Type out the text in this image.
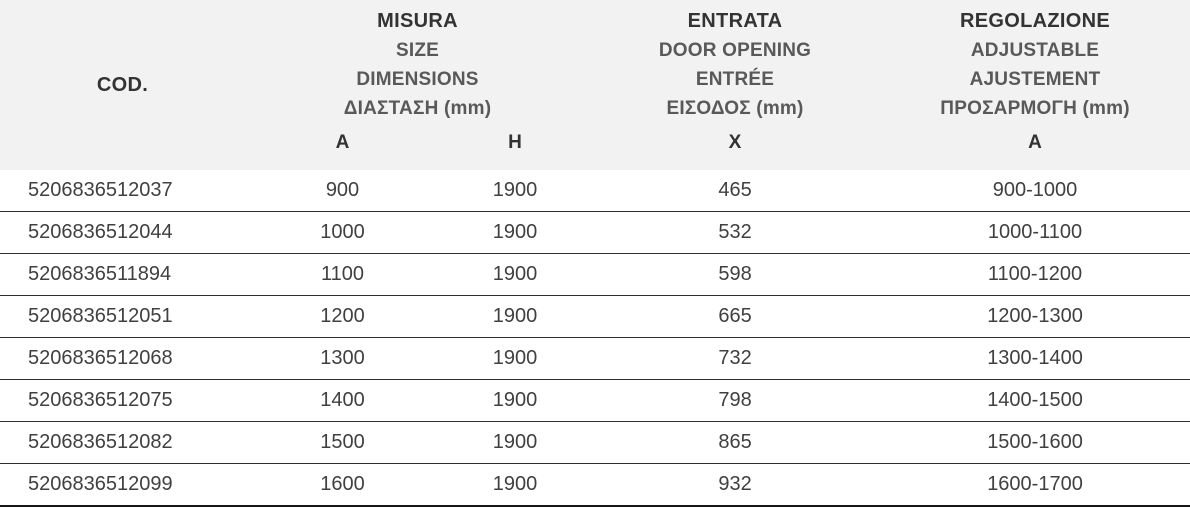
COD.	
MISURA
SIZE
DIMENSIONS
ΔΙΑΣΤΑΣΗ (mm)

ENTRATA
DOOR OPENING
ENTRÉE
ΕΙΣΟΔΟΣ (mm)

REGOLAZIONE
ADJUSTABLE
AJUSTEMENT
ΠΡΟΣΑΡΜΟΓΗ (mm)

	A	H	X	A
5206836512037	900	1900	465	900-1000
5206836512044	1000	1900	532	1000-1100
5206836511894	1100	1900	598	1100-1200
5206836512051	1200	1900	665	1200-1300
5206836512068	1300	1900	732	1300-1400
5206836512075	1400	1900	798	1400-1500
5206836512082	1500	1900	865	1500-1600
5206836512099	1600	1900	932	1600-1700
